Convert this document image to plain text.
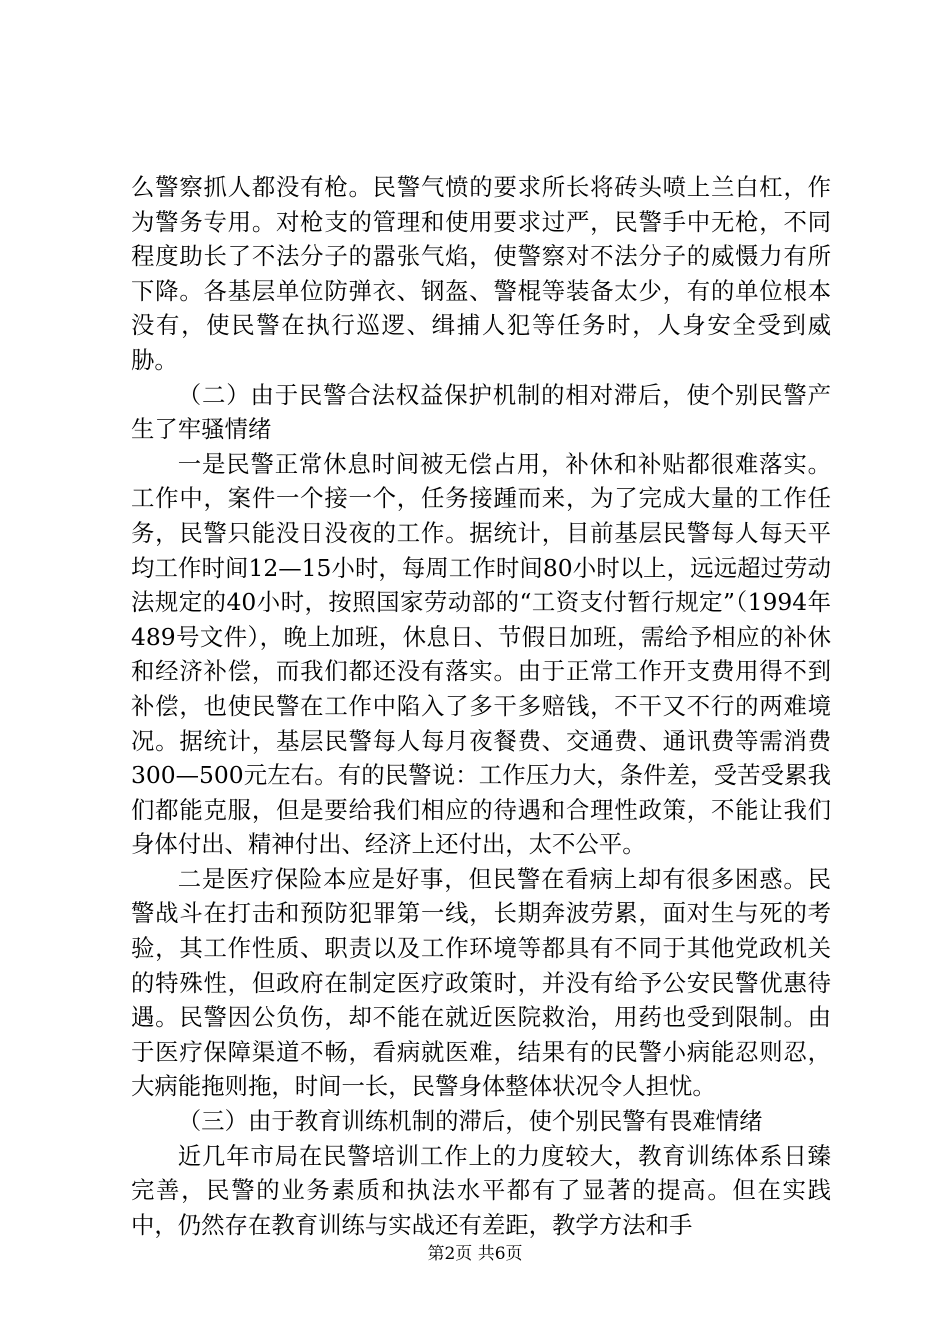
么警察抓人都没有枪。民警气愤的要求所长将砖头喷上兰白杠，作为警务专用。对枪支的管理和使用要求过严，民警手中无枪，不同程度助长了不法分子的嚣张气焰，使警察对不法分子的威慑力有所下降。各基层单位防弹衣、钢盔、警棍等装备太少，有的单位根本没有，使民警在执行巡逻、缉捕人犯等任务时，人身安全受到威胁。

（二）由于民警合法权益保护机制的相对滞后，使个别民警产生了牢骚情绪

一是民警正常休息时间被无偿占用，补休和补贴都很难落实。工作中，案件一个接一个，任务接踵而来，为了完成大量的工作任务，民警只能没日没夜的工作。据统计，目前基层民警每人每天平均工作时间12—15小时，每周工作时间80小时以上，远远超过劳动法规定的40小时，按照国家劳动部的“工资支付暂行规定”（1994年489号文件），晚上加班，休息日、节假日加班，需给予相应的补休和经济补偿，而我们都还没有落实。由于正常工作开支费用得不到补偿，也使民警在工作中陷入了多干多赔钱，不干又不行的两难境况。据统计，基层民警每人每月夜餐费、交通费、通讯费等需消费300—500元左右。有的民警说：工作压力大，条件差，受苦受累我们都能克服，但是要给我们相应的待遇和合理性政策，不能让我们身体付出、精神付出、经济上还付出，太不公平。

二是医疗保险本应是好事，但民警在看病上却有很多困惑。民警战斗在打击和预防犯罪第一线，长期奔波劳累，面对生与死的考验，其工作性质、职责以及工作环境等都具有不同于其他党政机关的特殊性，但政府在制定医疗政策时，并没有给予公安民警优惠待遇。民警因公负伤，却不能在就近医院救治，用药也受到限制。由于医疗保障渠道不畅，看病就医难，结果有的民警小病能忍则忍，大病能拖则拖，时间一长，民警身体整体状况令人担忧。

（三）由于教育训练机制的滞后，使个别民警有畏难情绪

近几年市局在民警培训工作上的力度较大，教育训练体系日臻完善，民警的业务素质和执法水平都有了显著的提高。但在实践中，仍然存在教育训练与实战还有差距，教学方法和手

第2页 共6页
